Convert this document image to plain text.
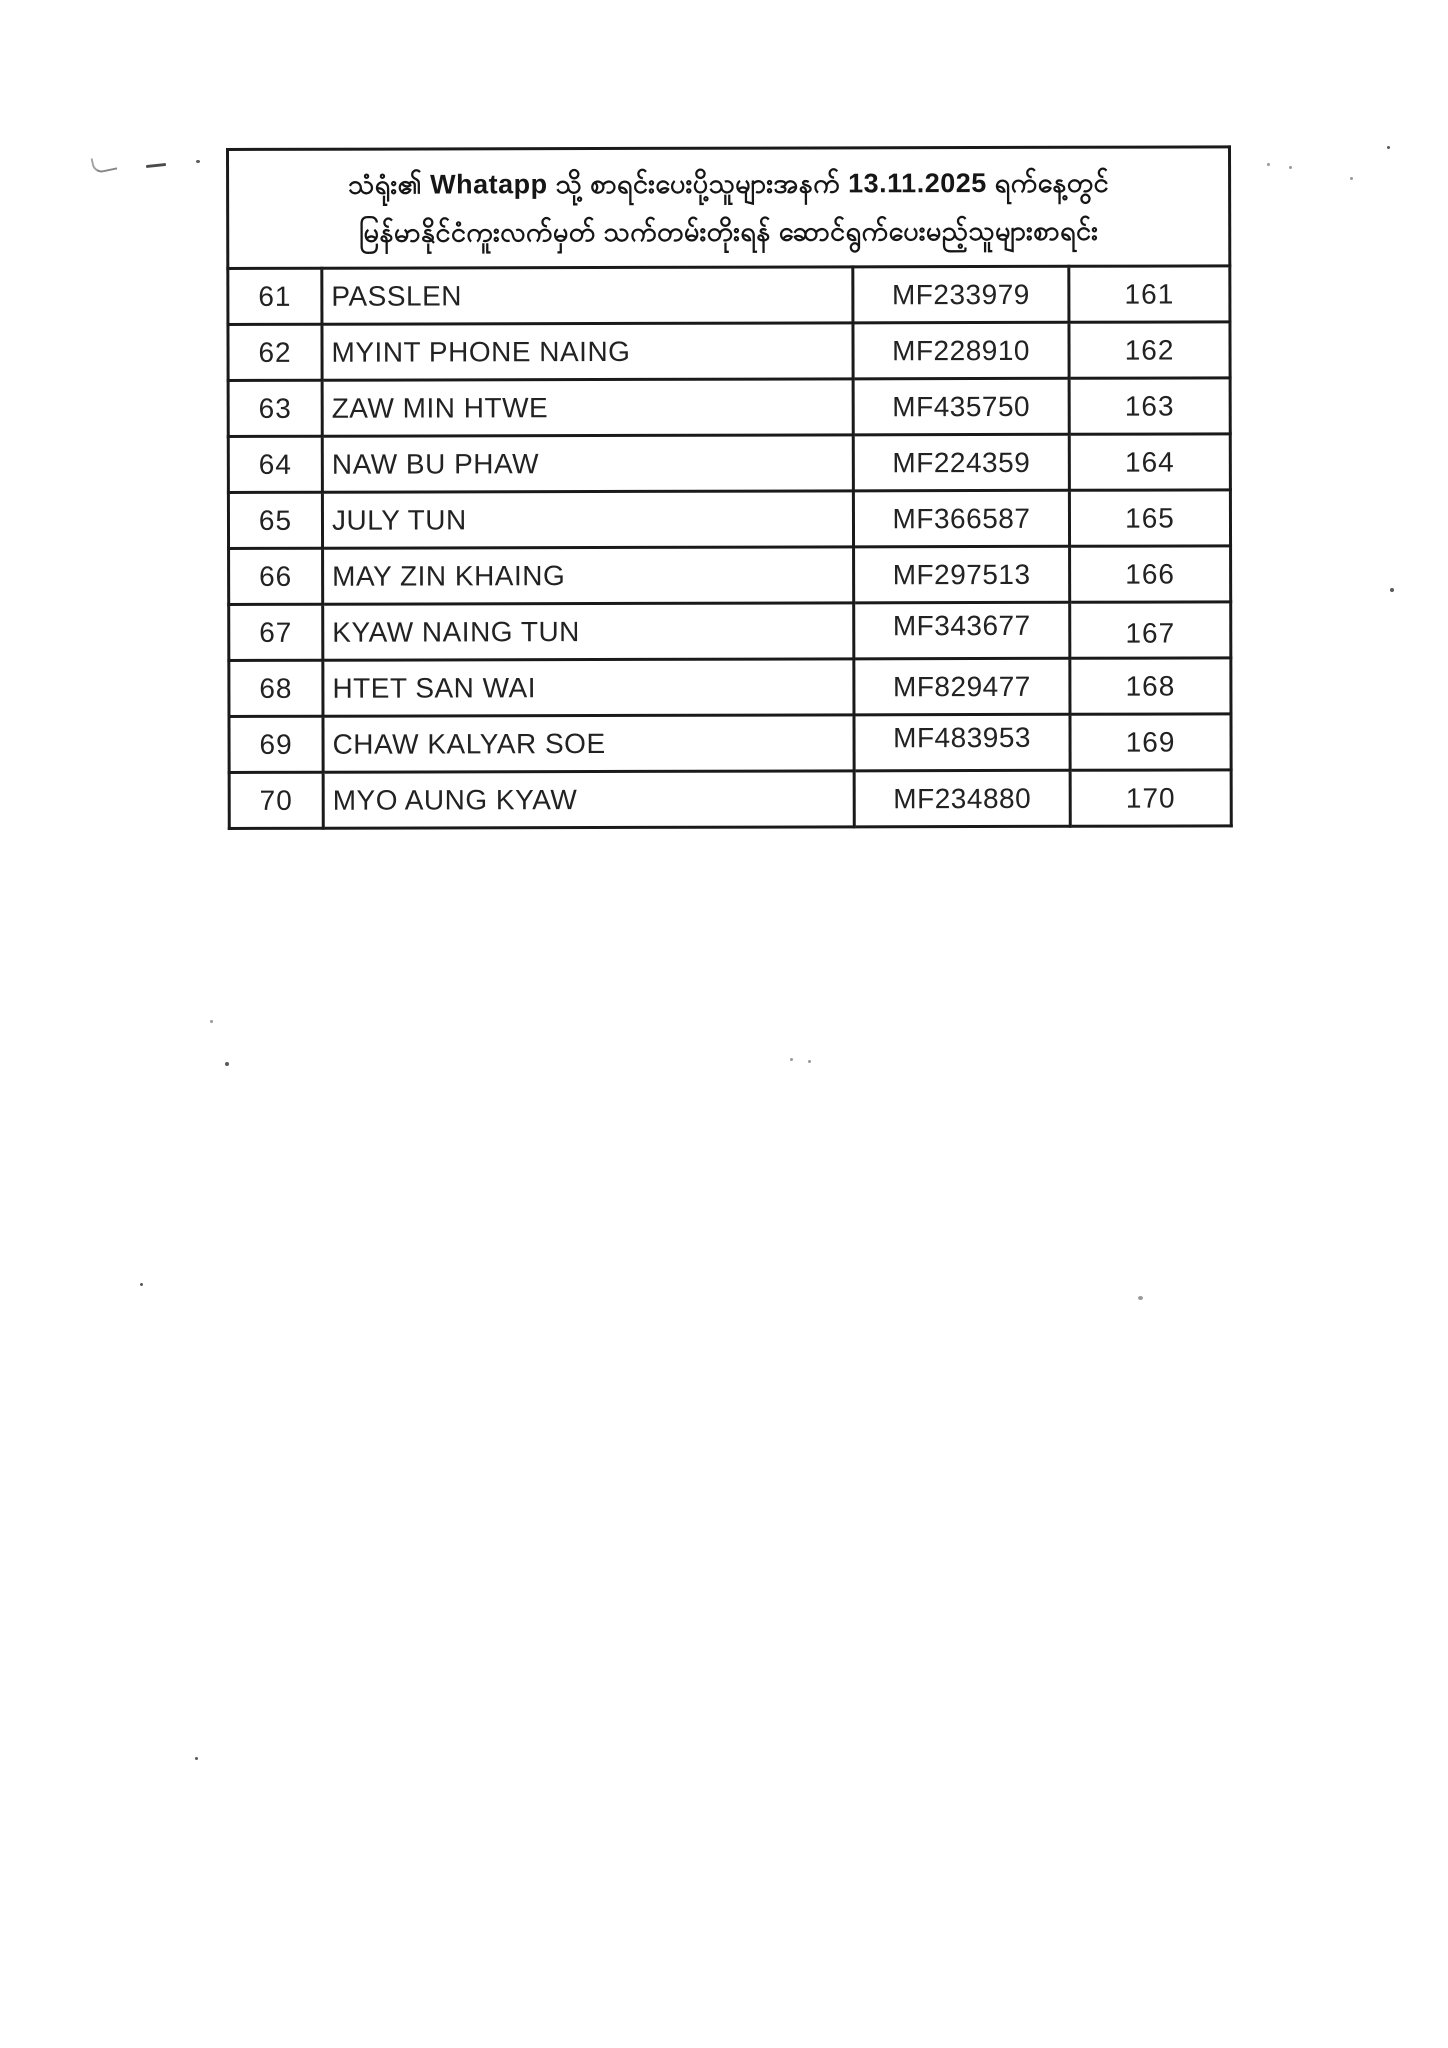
သံရုံး၏ Whatapp သို့ စာရင်းပေးပို့သူများအနက် 13.11.2025 ရက်နေ့တွင်
မြန်မာနိုင်ငံကူးလက်မှတ် သက်တမ်းတိုးရန် ဆောင်ရွက်ပေးမည့်သူများစာရင်း			

61	PASSLEN	MF233979	161
62	MYINT PHONE NAING	MF228910	162
63	ZAW MIN HTWE	MF435750	163
64	NAW BU PHAW	MF224359	164
65	JULY TUN	MF366587	165
66	MAY ZIN KHAING	MF297513	166
67	KYAW NAING TUN	MF343677	167
68	HTET SAN WAI	MF829477	168
69	CHAW KALYAR SOE	MF483953	169
70	MYO AUNG KYAW	MF234880	170
